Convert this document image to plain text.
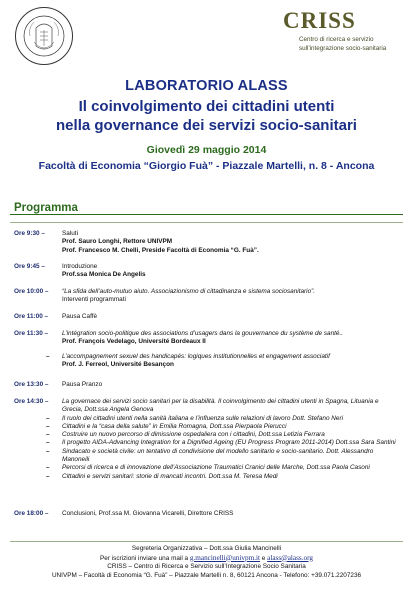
CRISS
Centro di ricerca e servizio
sull'integrazione socio-sanitaria
LABORATORIO ALASS
Il coinvolgimento dei cittadini utenti
nella governance dei servizi socio-sanitari
Giovedì 29 maggio 2014
Facoltà di Economia “Giorgio Fuà” - Piazzale Martelli, n. 8 - Ancona
Programma
Ore 9:30 –	Saluti
Prof. Sauro Longhi, Rettore UNIVPM
Prof. Francesco M. Chelli, Preside Facoltà di Economia “G. Fuà”.
Ore 9:45 –	Introduzione
Prof.ssa Monica De Angelis
Ore 10:00 – “La sfida dell’auto-mutuo aiuto. Associazionismo di cittadinanza e sistema sociosanitario”.
Interventi programmati
Ore 11:00 – Pausa Caffè
Ore 11:30 – L’intégration socio-politique des associations d’usagers dans la gouvernance du système de santé..
Prof. François Vedelago, Université Bordeaux II
– L’accompagnement sexuel des handicapés: logiques institutionnelles et engagement associatif
Prof. J. Ferreol, Université Besançon
Ore 13:30 – Pausa Pranzo
Ore 14:30 – La governace dei servizi socio sanitari per la disabilità. Il coinvolgimento dei cittadini utenti in Spagna, Lituania e Grecia, Dott.ssa Angela Genova
– Il ruolo dei cittadini utenti nella sanità italiana e l’influenza sulle relazioni di lavoro Dott. Stefano Neri
– Cittadini e la “casa della salute” in Emilia Romagna, Dott.ssa Pierpaola Pierucci
– Costruire un nuovo percorso di dimissione ospedaliera con i cittadini, Dott.ssa Letizia Ferrara
– Il progetto AIDA-Advancing Integration for a Dignified Ageing (EU Progress Program 2011-2014) Dott.ssa Sara Santini
– Sindacato e società civile: un tentativo di condivisione del modello sanitario e socio-sanitario. Dott. Alessandro Manoneili
– Percorsi di ricerca e di innovazione dell’Associazione Traumatici Cranici delle Marche, Dott.ssa Paola Casoni
– Cittadini e servizi sanitari: storie di mancati incontri. Dott.ssa M. Teresa Medi
Ore 18:00 – Conclusioni, Prof.ssa M. Giovanna Vicarelli, Direttore CRISS
Segreteria Organizzativa – Dott.ssa Giulia Mancinelli
Per iscrizioni inviare una mail a g.mancinelli@univpm.it e alass@alass.org
CRISS – Centro di Ricerca e Servizio sull’Integrazione Socio Sanitaria
UNIVPM – Facoltà di Economia “G. Fuà” – Piazzale Martelli n. 8, 60121 Ancona - Telefono: +39.071.2207236
